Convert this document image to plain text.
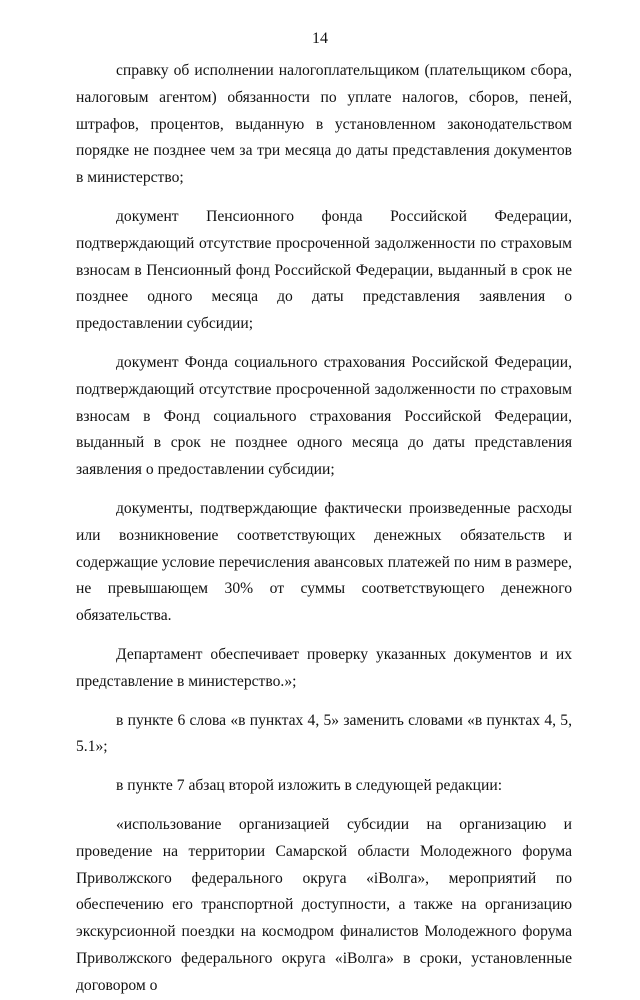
14

справку об исполнении налогоплательщиком (плательщиком сбора, налоговым агентом) обязанности по уплате налогов, сборов, пеней, штрафов, процентов, выданную в установленном законодательством порядке не позднее чем за три месяца до даты представления документов в министерство;

документ Пенсионного фонда Российской Федерации, подтверждающий отсутствие просроченной задолженности по страховым взносам в Пенсионный фонд Российской Федерации, выданный в срок не позднее одного месяца до даты представления заявления о предоставлении субсидии;

документ Фонда социального страхования Российской Федерации, подтверждающий отсутствие просроченной задолженности по страховым взносам в Фонд социального страхования Российской Федерации, выданный в срок не позднее одного месяца до даты представления заявления о предоставлении субсидии;

документы, подтверждающие фактически произведенные расходы или возникновение соответствующих денежных обязательств и содержащие условие перечисления авансовых платежей по ним в размере, не превышающем 30% от суммы соответствующего денежного обязательства.

Департамент обеспечивает проверку указанных документов и их представление в министерство.»;

в пункте 6 слова «в пунктах 4, 5» заменить словами «в пунктах 4, 5, 5.1»;

в пункте 7 абзац второй изложить в следующей редакции:

«использование организацией субсидии на организацию и проведение на территории Самарской области Молодежного форума Приволжского федерального округа «iВолга», мероприятий по обеспечению его транспортной доступности, а также на организацию экскурсионной поездки на космодром финалистов Молодежного форума Приволжского федерального округа «iВолга» в сроки, установленные договором о
